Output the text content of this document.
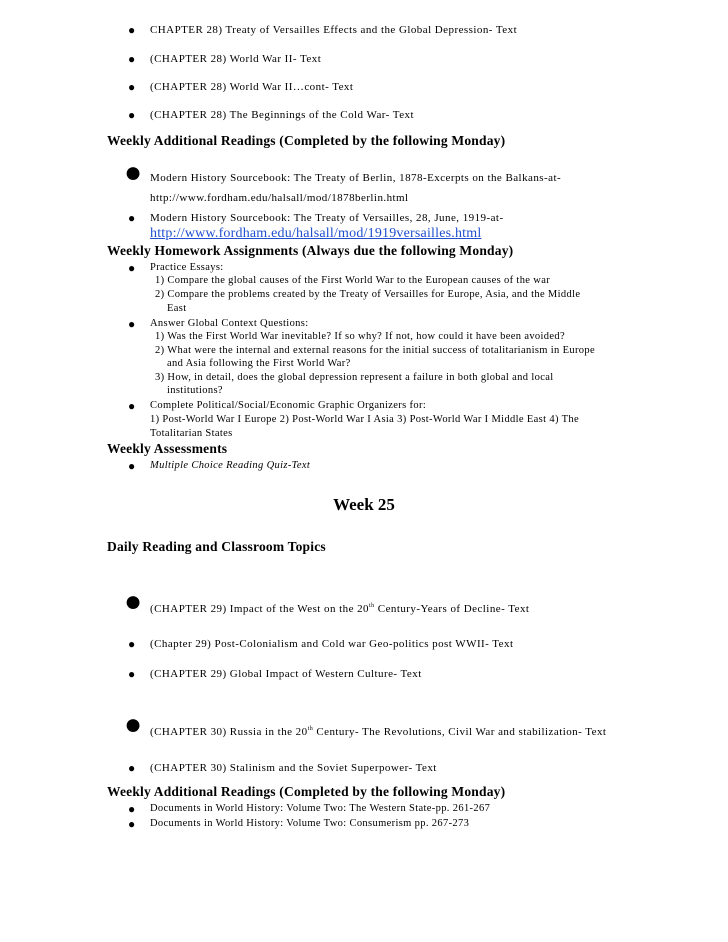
● CHAPTER 28) Treaty of Versailles Effects and the Global Depression- Text
● (CHAPTER 28) World War II- Text
● (CHAPTER 28) World War II…cont- Text
● (CHAPTER 28) The Beginnings of the Cold War- Text
Weekly Additional Readings (Completed by the following Monday)
● Modern History Sourcebook: The Treaty of Berlin, 1878-Excerpts on the Balkans-at-
http://www.fordham.edu/halsall/mod/1878berlin.html
● Modern History Sourcebook: The Treaty of Versailles, 28, June, 1919-at-
http://www.fordham.edu/halsall/mod/1919versailles.html
Weekly Homework Assignments (Always due the following Monday)
● Practice Essays:
1) Compare the global causes of the First World War to the European causes of the war
2) Compare the problems created by the Treaty of Versailles for Europe, Asia, and the Middle
East
● Answer Global Context Questions:
1) Was the First World War inevitable? If so why? If not, how could it have been avoided?
2) What were the internal and external reasons for the initial success of totalitarianism in Europe
and Asia following the First World War?
3) How, in detail, does the global depression represent a failure in both global and local
institutions?
● Complete Political/Social/Economic Graphic Organizers for:
1) Post-World War I Europe 2) Post-World War I Asia 3) Post-World War I Middle East 4) The
Totalitarian States
Weekly Assessments
● Multiple Choice Reading Quiz-Text
Week 25
Daily Reading and Classroom Topics
● (CHAPTER 29) Impact of the West on the 20th Century-Years of Decline- Text
● (Chapter 29) Post-Colonialism and Cold war Geo-politics post WWII- Text
● (CHAPTER 29) Global Impact of Western Culture- Text
● (CHAPTER 30) Russia in the 20th Century- The Revolutions, Civil War and stabilization- Text
● (CHAPTER 30) Stalinism and the Soviet Superpower- Text
Weekly Additional Readings (Completed by the following Monday)
● Documents in World History: Volume Two: The Western State-pp. 261-267
● Documents in World History: Volume Two: Consumerism pp. 267-273
